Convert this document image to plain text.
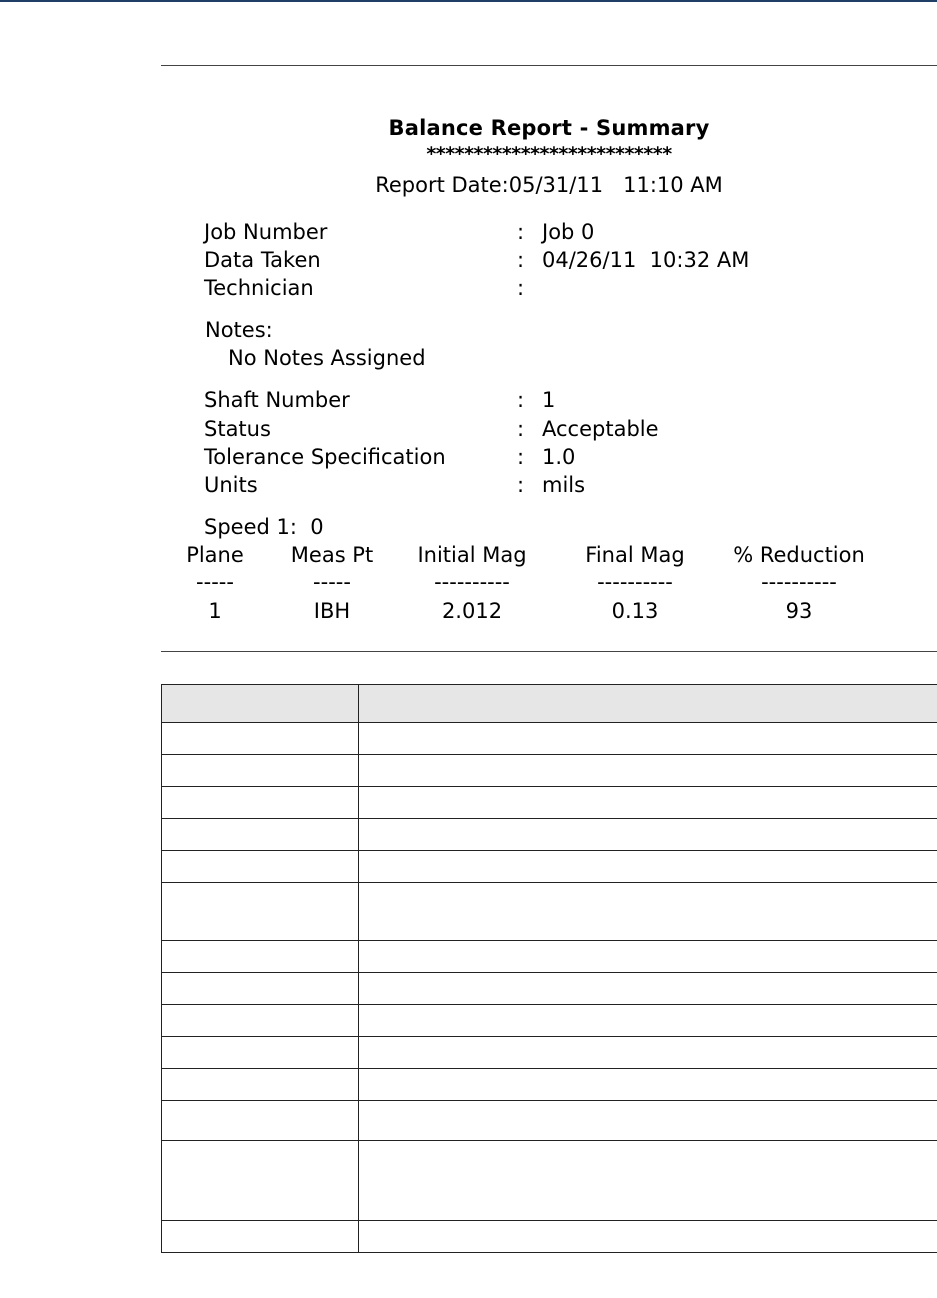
Balance Report - Summary
**************************
Report Date:05/31/11   11:10 AM
Job Number	: Job 0
Data Taken	: 04/26/11  10:32 AM
Technician	:
Notes:
No Notes Assigned
Shaft Number	: 1
Status	: Acceptable
Tolerance Specification	: 1.0
Units	: mils
Speed 1:  0
Plane	Meas Pt	Initial Mag	Final Mag	% Reduction
-----	-----	----------	----------	----------
1	IBH	2.012	0.13	93
